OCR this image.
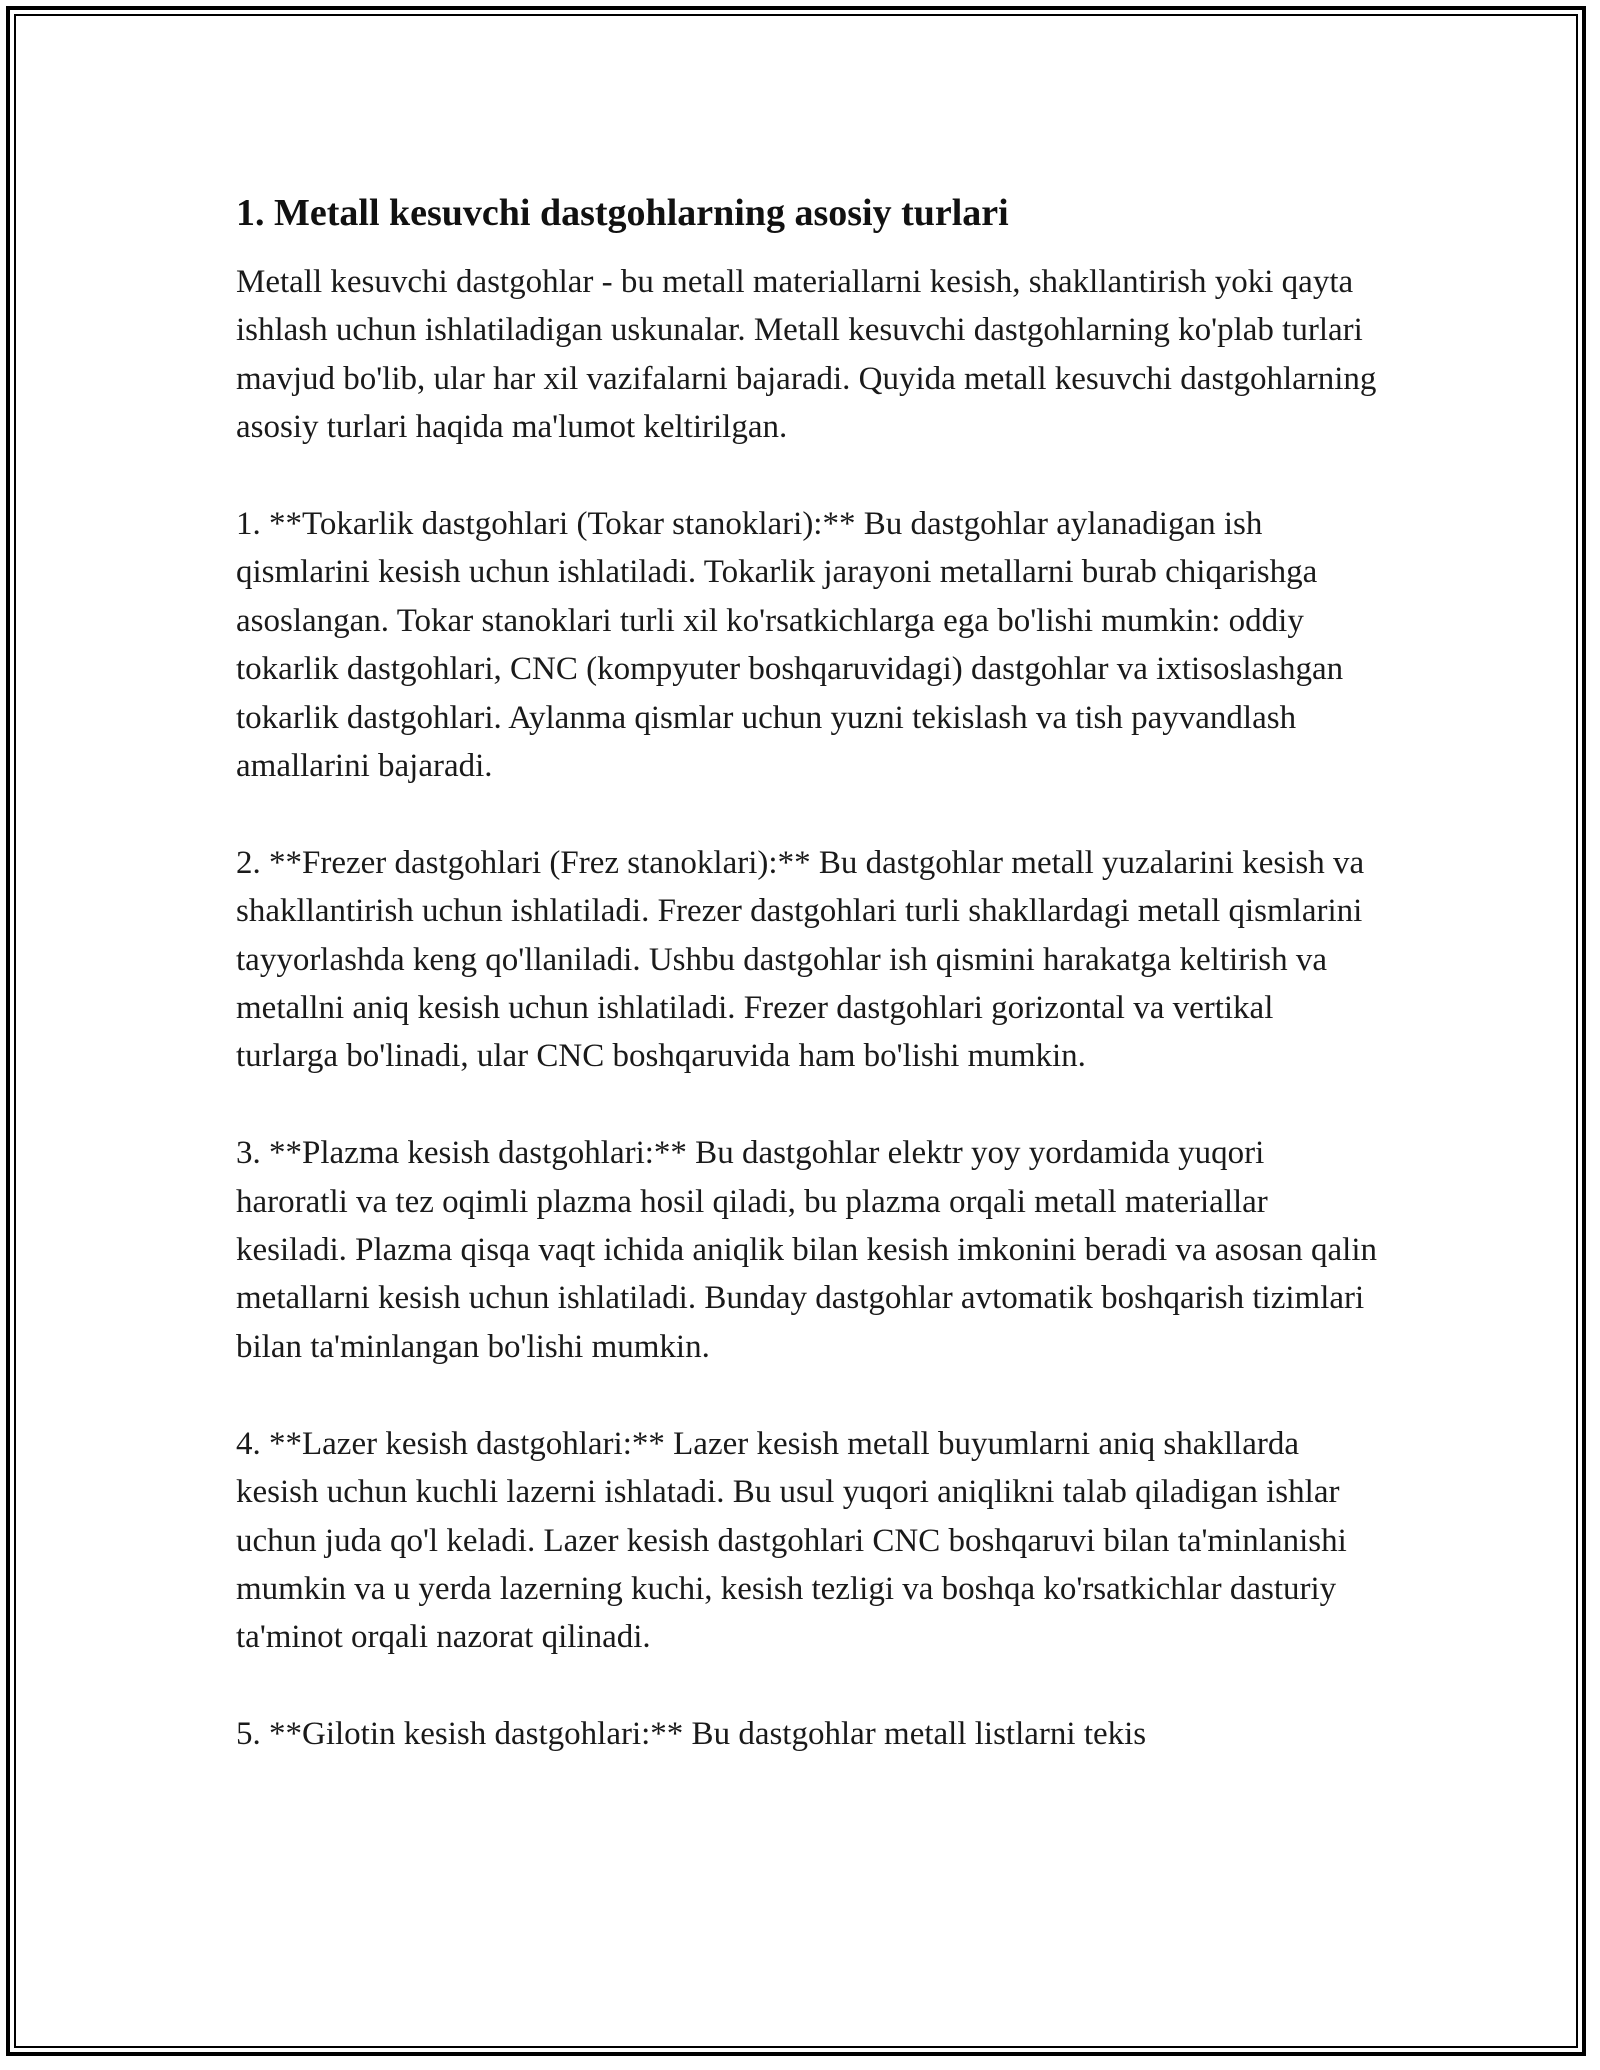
1. Metall kesuvchi dastgohlarning asosiy turlari

Metall kesuvchi dastgohlar - bu metall materiallarni kesish, shakllantirish yoki qayta ishlash uchun ishlatiladigan uskunalar. Metall kesuvchi dastgohlarning ko'plab turlari mavjud bo'lib, ular har xil vazifalarni bajaradi. Quyida metall kesuvchi dastgohlarning asosiy turlari haqida ma'lumot keltirilgan.

1. **Tokarlik dastgohlari (Tokar stanoklari):** Bu dastgohlar aylanadigan ish qismlarini kesish uchun ishlatiladi. Tokarlik jarayoni metallarni burab chiqarishga asoslangan. Tokar stanoklari turli xil ko'rsatkichlarga ega bo'lishi mumkin: oddiy tokarlik dastgohlari, CNC (kompyuter boshqaruvidagi) dastgohlar va ixtisoslashgan tokarlik dastgohlari. Aylanma qismlar uchun yuzni tekislash va tish payvandlash amallarini bajaradi.

2. **Frezer dastgohlari (Frez stanoklari):** Bu dastgohlar metall yuzalarini kesish va shakllantirish uchun ishlatiladi. Frezer dastgohlari turli shakllardagi metall qismlarini tayyorlashda keng qo'llaniladi. Ushbu dastgohlar ish qismini harakatga keltirish va metallni aniq kesish uchun ishlatiladi. Frezer dastgohlari gorizontal va vertikal turlarga bo'linadi, ular CNC boshqaruvida ham bo'lishi mumkin.

3. **Plazma kesish dastgohlari:** Bu dastgohlar elektr yoy yordamida yuqori haroratli va tez oqimli plazma hosil qiladi, bu plazma orqali metall materiallar kesiladi. Plazma qisqa vaqt ichida aniqlik bilan kesish imkonini beradi va asosan qalin metallarni kesish uchun ishlatiladi. Bunday dastgohlar avtomatik boshqarish tizimlari bilan ta'minlangan bo'lishi mumkin.

4. **Lazer kesish dastgohlari:** Lazer kesish metall buyumlarni aniq shakllarda kesish uchun kuchli lazerni ishlatadi. Bu usul yuqori aniqlikni talab qiladigan ishlar uchun juda qo'l keladi. Lazer kesish dastgohlari CNC boshqaruvi bilan ta'minlanishi mumkin va u yerda lazerning kuchi, kesish tezligi va boshqa ko'rsatkichlar dasturiy ta'minot orqali nazorat qilinadi.

5. **Gilotin kesish dastgohlari:** Bu dastgohlar metall listlarni tekis
